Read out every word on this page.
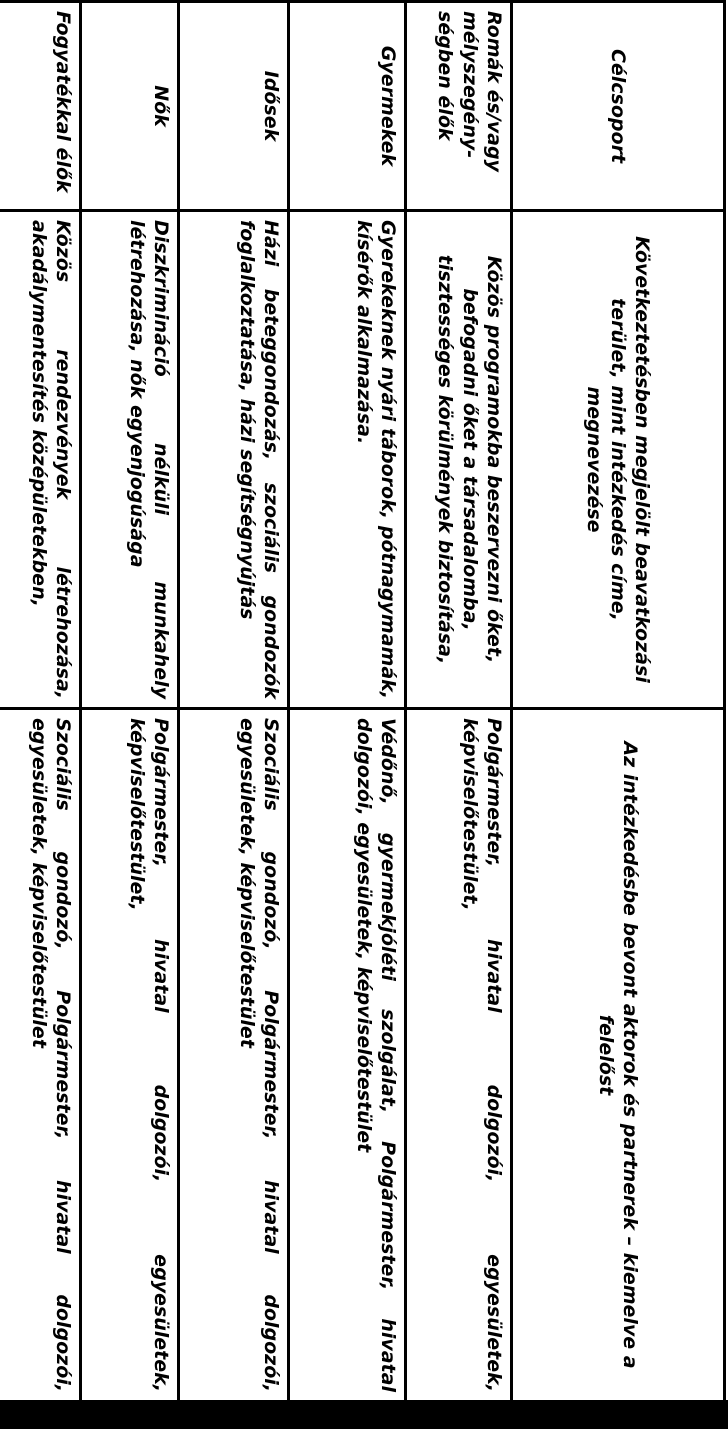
Célcsoport	Következtetésben megjelölt beavatkozási terület, mint intézkedés címe, megnevezése	Az intézkedésbe bevont aktorok és partnerek – kiemelve a felelőst
Romák és/vagy mélyszegény-ségben élők	Közös programokba beszervezni őket, befogadni őket a társadalomba, tisztességes körülmények biztosítása,	Polgármester, hivatal dolgozói, egyesületek, képviselőtestület,
Gyermekek	Gyerekeknek nyári táborok, pótnagymamák, kísérők alkalmazása.	Védőnő, gyermekjóléti szolgálat, Polgármester, hivatal dolgozói, egyesületek, képviselőtestület
Idősek	Házi beteggondozás, szociális gondozók foglalkoztatása, házi segítségnyújtás	Szociális gondozó, Polgármester, hivatal dolgozói, egyesületek, képviselőtestület
Nők	Diszkrimináció nélküli munkahely létrehozása, nők egyenjogúsága	Polgármester, hivatal dolgozói, egyesületek, képviselőtestület,
Fogyatékkal élők	Közös rendezvények létrehozása, akadálymentesítés középületekben,	Szociális gondozó, Polgármester, hivatal dolgozói, egyesületek, képviselőtestület
